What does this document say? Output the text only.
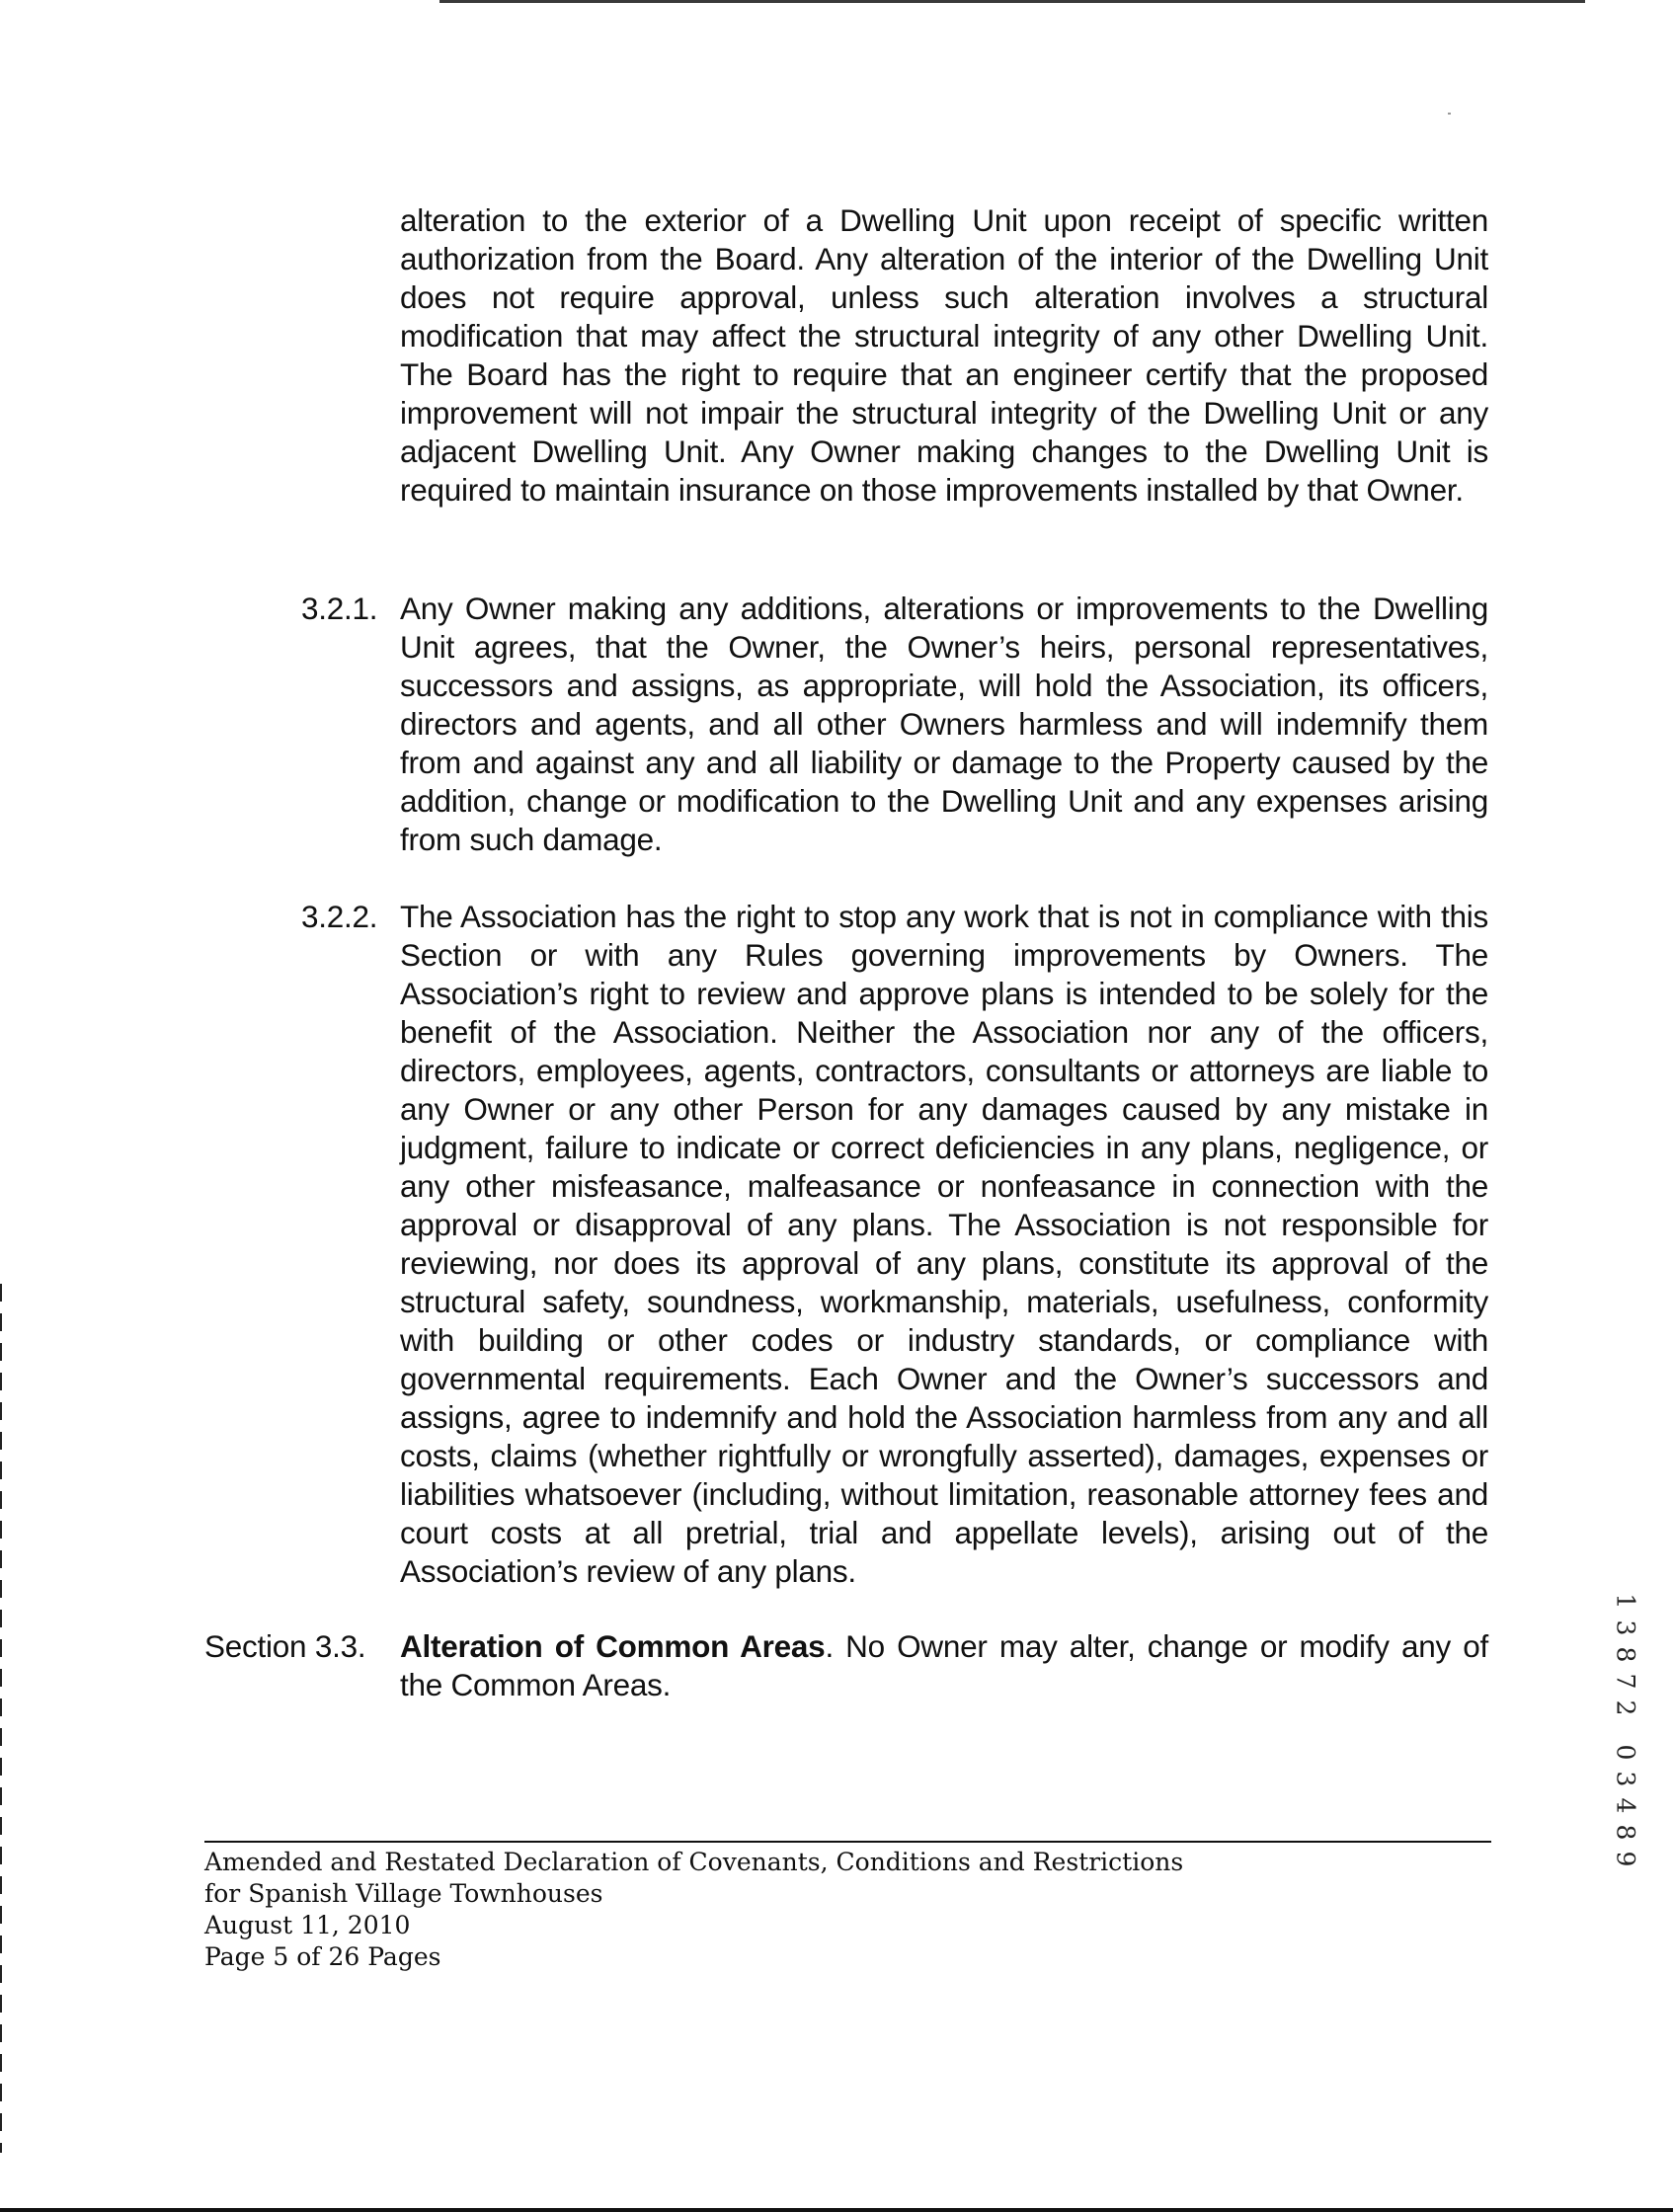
alteration to the exterior of a Dwelling Unit upon receipt of specific written authorization from the Board. Any alteration of the interior of the Dwelling Unit does not require approval, unless such alteration involves a structural modification that may affect the structural integrity of any other Dwelling Unit. The Board has the right to require that an engineer certify that the proposed improvement will not impair the structural integrity of the Dwelling Unit or any adjacent Dwelling Unit. Any Owner making changes to the Dwelling Unit is required to maintain insurance on those improvements installed by that Owner.
3.2.1. Any Owner making any additions, alterations or improvements to the Dwelling Unit agrees, that the Owner, the Owner’s heirs, personal representatives, successors and assigns, as appropriate, will hold the Association, its officers, directors and agents, and all other Owners harmless and will indemnify them from and against any and all liability or damage to the Property caused by the addition, change or modification to the Dwelling Unit and any expenses arising from such damage.
3.2.2. The Association has the right to stop any work that is not in compliance with this Section or with any Rules governing improvements by Owners. The Association’s right to review and approve plans is intended to be solely for the benefit of the Association. Neither the Association nor any of the officers, directors, employees, agents, contractors, consultants or attorneys are liable to any Owner or any other Person for any damages caused by any mistake in judgment, failure to indicate or correct deficiencies in any plans, negligence, or any other misfeasance, malfeasance or nonfeasance in connection with the approval or disapproval of any plans. The Association is not responsible for reviewing, nor does its approval of any plans, constitute its approval of the structural safety, soundness, workmanship, materials, usefulness, conformity with building or other codes or industry standards, or compliance with governmental requirements. Each Owner and the Owner’s successors and assigns, agree to indemnify and hold the Association harmless from any and all costs, claims (whether rightfully or wrongfully asserted), damages, expenses or liabilities whatsoever (including, without limitation, reasonable attorney fees and court costs at all pretrial, trial and appellate levels), arising out of the Association’s review of any plans.
Section 3.3. Alteration of Common Areas. No Owner may alter, change or modify any of the Common Areas.
Amended and Restated Declaration of Covenants, Conditions and Restrictions
for Spanish Village Townhouses
August 11, 2010
Page 5 of 26 Pages
1
3
8
7
2
0
3
4
8
9
